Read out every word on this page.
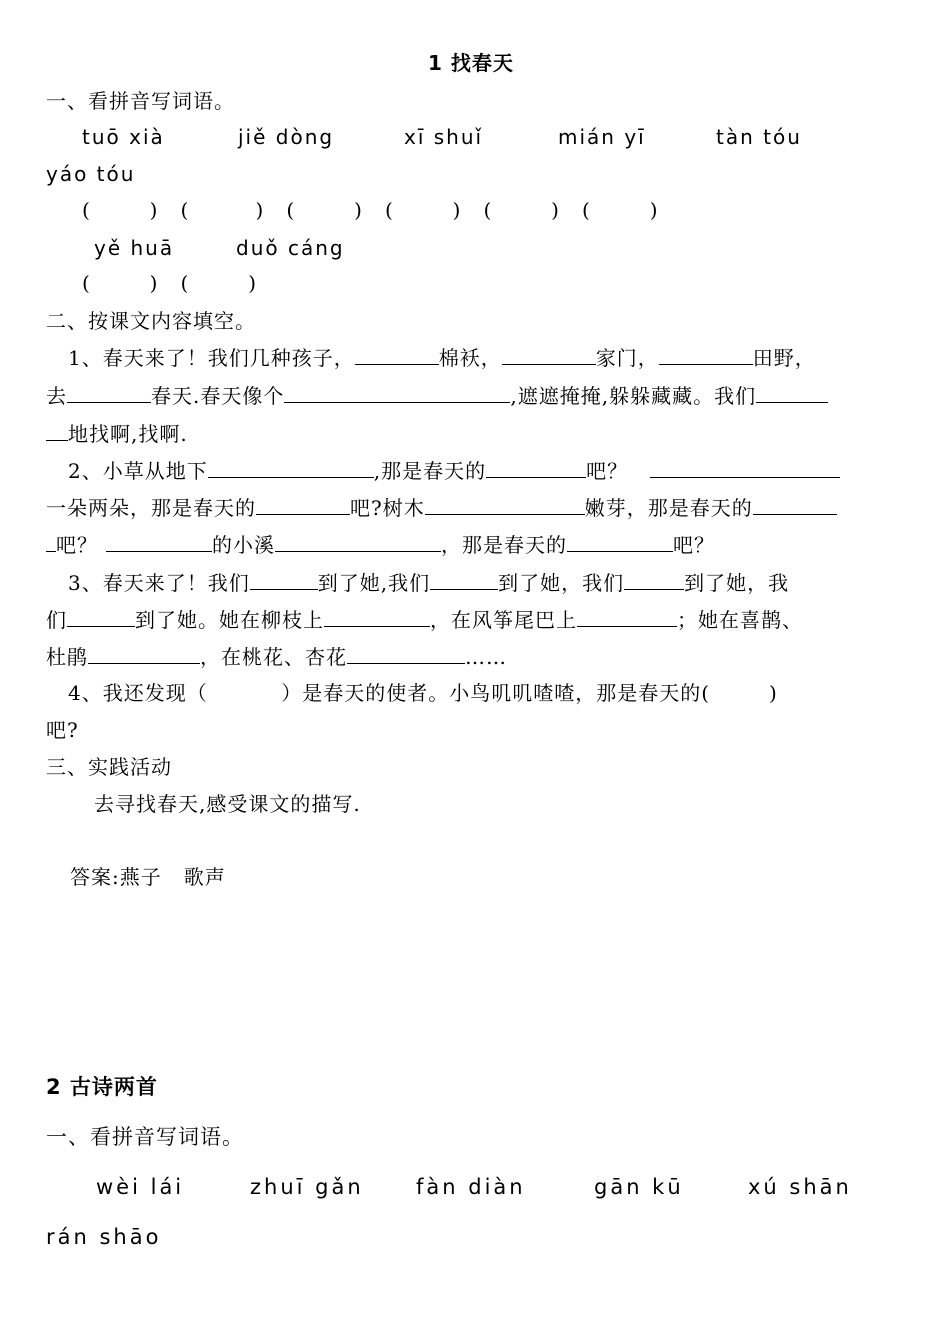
1 找春天
一、看拼音写词语。
tuō xià	jiě dòng	xī shuǐ	mián yī	tàn tóu
yáo tóu
(        )   (         )   (        )   (        )   (        )   (        )
yě huā	duǒ cáng
(        )   (        )
二、按课文内容填空。
1、春天来了！我们几种孩子，	棉袄，	家门，	田野，
去	春天.春天像个	,遮遮掩掩,躲躲藏藏。我们
地找啊,找啊.
2、小草从地下	,那是春天的	吧？
一朵两朵，那是春天的	吧?树木	嫩芽，那是春天的
吧？	的小溪	，那是春天的	吧？
3、春天来了！我们	到了她,我们	到了她，我们	到了她，我
们	到了她。她在柳枝上	，在风筝尾巴上	；她在喜鹊、
杜鹃	，在桃花、杏花	……
4、我还发现（          ）是春天的使者。小鸟叽叽喳喳，那是春天的(        )
吧?
三、实践活动
去寻找春天,感受课文的描写.
答案:燕子   歌声
2 古诗两首
一、看拼音写词语。
wèi lái	zhuī gǎn fàn diàn	gān kū	xú shān
rán shāo
